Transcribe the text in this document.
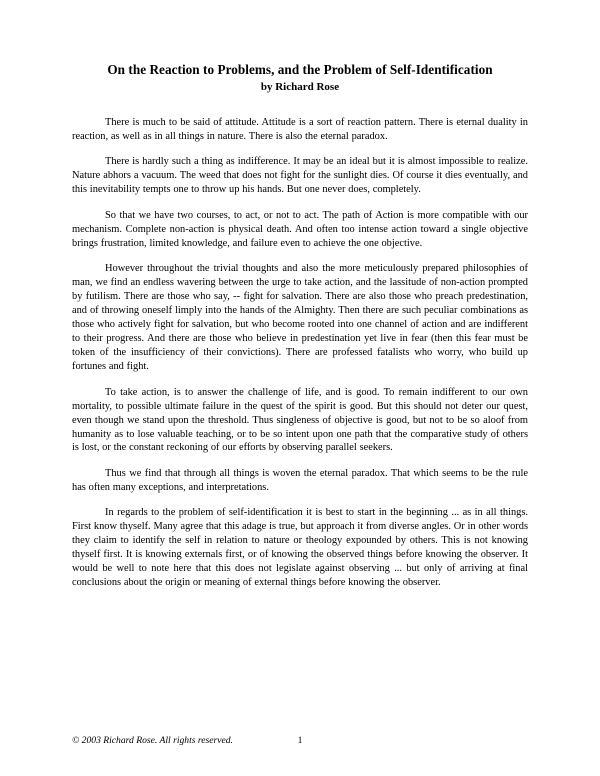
On the Reaction to Problems, and the Problem of Self-Identification
by Richard Rose

There is much to be said of attitude. Attitude is a sort of reaction pattern. There is eternal duality in reaction, as well as in all things in nature. There is also the eternal paradox.

There is hardly such a thing as indifference. It may be an ideal but it is almost impossible to realize. Nature abhors a vacuum. The weed that does not fight for the sunlight dies. Of course it dies eventually, and this inevitability tempts one to throw up his hands. But one never does, completely.

So that we have two courses, to act, or not to act. The path of Action is more compatible with our mechanism. Complete non-action is physical death. And often too intense action toward a single objective brings frustration, limited knowledge, and failure even to achieve the one objective.

However throughout the trivial thoughts and also the more meticulously prepared philosophies of man, we find an endless wavering between the urge to take action, and the lassitude of non-action prompted by futilism. There are those who say, -- fight for salvation. There are also those who preach predestination, and of throwing oneself limply into the hands of the Almighty. Then there are such peculiar combinations as those who actively fight for salvation, but who become rooted into one channel of action and are indifferent to their progress. And there are those who believe in predestination yet live in fear (then this fear must be token of the insufficiency of their convictions). There are professed fatalists who worry, who build up fortunes and fight.

To take action, is to answer the challenge of life, and is good. To remain indifferent to our own mortality, to possible ultimate failure in the quest of the spirit is good. But this should not deter our quest, even though we stand upon the threshold. Thus singleness of objective is good, but not to be so aloof from humanity as to lose valuable teaching, or to be so intent upon one path that the comparative study of others is lost, or the constant reckoning of our efforts by observing parallel seekers.

Thus we find that through all things is woven the eternal paradox. That which seems to be the rule has often many exceptions, and interpretations.

In regards to the problem of self-identification it is best to start in the beginning ... as in all things. First know thyself. Many agree that this adage is true, but approach it from diverse angles. Or in other words they claim to identify the self in relation to nature or theology expounded by others. This is not knowing thyself first. It is knowing externals first, or of knowing the observed things before knowing the observer. It would be well to note here that this does not legislate against observing ... but only of arriving at final conclusions about the origin or meaning of external things before knowing the observer.

© 2003 Richard Rose. All rights reserved.	1
